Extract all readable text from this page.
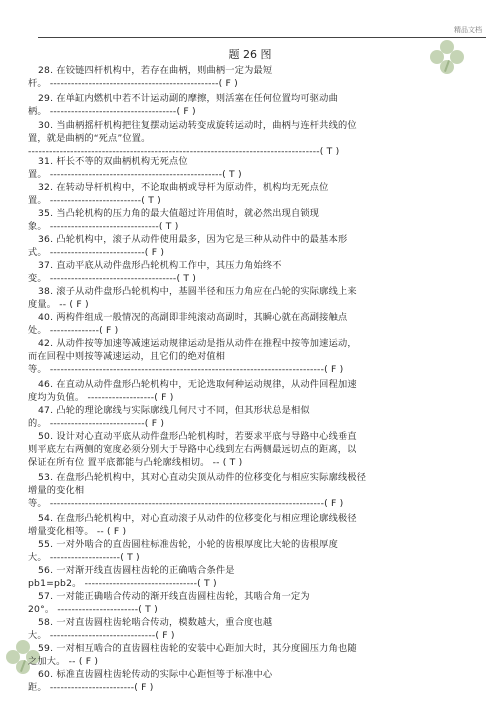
精品文档
题 26 图
28. 在铰链四杆机构中，若存在曲柄，则曲柄一定为最短
杆。 ------------------------------------------------( F )
29. 在单缸内燃机中若不计运动副的摩擦，则活塞在任何位置均可驱动曲
柄。 ------------------------------------( F )
30. 当曲柄摇杆机构把往复摆动运动转变成旋转运动时，曲柄与连杆共线的位
置，就是曲柄的“死点”位置。
-----------------------------------------------------------------------------------( T )
31. 杆长不等的双曲柄机构无死点位
置。 -------------------------------------------------( T )
32. 在转动导杆机构中，不论取曲柄或导杆为原动件，机构均无死点位
置。 --------------------------( T )
35. 当凸轮机构的压力角的最大值超过许用值时，就必然出现自锁现
象。 -------------------------------( T )
36. 凸轮机构中，滚子从动件使用最多，因为它是三种从动件中的最基本形
式。 ---------------------------( F )
37. 直动平底从动件盘形凸轮机构工作中，其压力角始终不
变。 ------------------------------------( T )
38. 滚子从动件盘形凸轮机构中，基圆半径和压力角应在凸轮的实际廓线上来
度量。 -- ( F )
40. 两构件组成一般情况的高副即非纯滚动高副时，其瞬心就在高副接触点
处。 --------------( F )
42. 从动件按等加速等减速运动规律运动是指从动件在推程中按等加速运动，
而在回程中则按等减速运动，且它们的绝对值相
等。 ------------------------------------------------------------------------------( F )
46. 在直动从动件盘形凸轮机构中，无论选取何种运动规律，从动件回程加速
度均为负值。 -------------------( F )
47. 凸轮的理论廓线与实际廓线几何尺寸不同，但其形状总是相似
的。 ---------------------------( F )
50. 设计对心直动平底从动件盘形凸轮机构时，若要求平底与导路中心线垂直
则平底左右两侧的宽度必须分别大于导路中心线到左右两侧最远切点的距离，以
保证在所有位 置平底都能与凸轮廓线相切。 -- ( T )
53. 在盘形凸轮机构中，其对心直动尖顶从动件的位移变化与相应实际廓线极径
增量的变化相
等。 ------------------------------------------------------------------------------( F )
54. 在盘形凸轮机构中，对心直动滚子从动件的位移变化与相应理论廓线极径
增量变化相等。 -- ( F )
55. 一对外啮合的直齿圆柱标准齿轮，小轮的齿根厚度比大轮的齿根厚度
大。 --------------------( T )
56. 一对渐开线直齿圆柱齿轮的正确啮合条件是
pb1=pb2。 --------------------------------( T )
57. 一对能正确啮合传动的渐开线直齿圆柱齿轮，其啮合角一定为
20°。 -----------------------( T )
58. 一对直齿圆柱齿轮啮合传动，模数越大，重合度也越
大。 ------------------------------( F )
59. 一对相互啮合的直齿圆柱齿轮的安装中心距加大时，其分度圆压力角也随
之加大。 -- ( F )
60. 标准直齿圆柱齿轮传动的实际中心距恒等于标准中心
距。 ------------------------( F )
